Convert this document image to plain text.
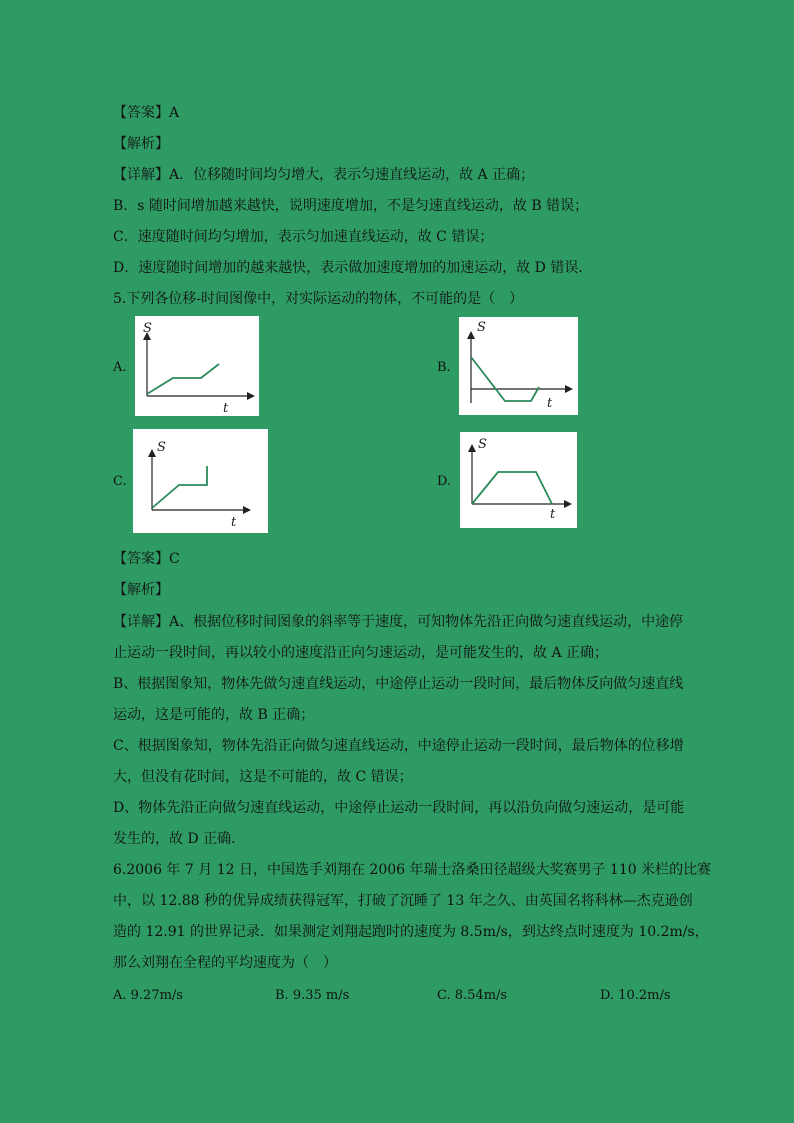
【答案】A
【解析】
【详解】A．位移随时间均匀增大，表示匀速直线运动，故 A 正确；
B．s 随时间增加越来越快，说明速度增加，不是匀速直线运动，故 B 错误；
C．速度随时间均匀增加，表示匀加速直线运动，故 C 错误；
D．速度随时间增加的越来越快，表示做加速度增加的加速运动，故 D 错误．
5.下列各位移-时间图像中，对实际运动的物体，不可能的是（　）
A.
S
t
B.
S
t
C.
S
t
D.
S
t
【答案】C
【解析】
【详解】A、根据位移时间图象的斜率等于速度，可知物体先沿正向做匀速直线运动，中途停
止运动一段时间，再以较小的速度沿正向匀速运动，是可能发生的，故 A 正确；
B、根据图象知，物体先做匀速直线运动，中途停止运动一段时间，最后物体反向做匀速直线
运动，这是可能的，故 B 正确；
C、根据图象知，物体先沿正向做匀速直线运动，中途停止运动一段时间，最后物体的位移增
大，但没有花时间，这是不可能的，故 C 错误；
D、物体先沿正向做匀速直线运动，中途停止运动一段时间，再以沿负向做匀速运动，是可能
发生的，故 D 正确．
6.2006 年 7 月 12 日，中国选手刘翔在 2006 年瑞士洛桑田径超级大奖赛男子 110 米栏的比赛
中，以 12.88 秒的优异成绩获得冠军，打破了沉睡了 13 年之久、由英国名将科林—杰克逊创
造的 12.91 的世界记录．如果测定刘翔起跑时的速度为 8.5m/s，到达终点时速度为 10.2m/s，
那么刘翔在全程的平均速度为（　）
A. 9.27m/s	B. 9.35 m/s	C. 8.54m/s	D. 10.2m/s
